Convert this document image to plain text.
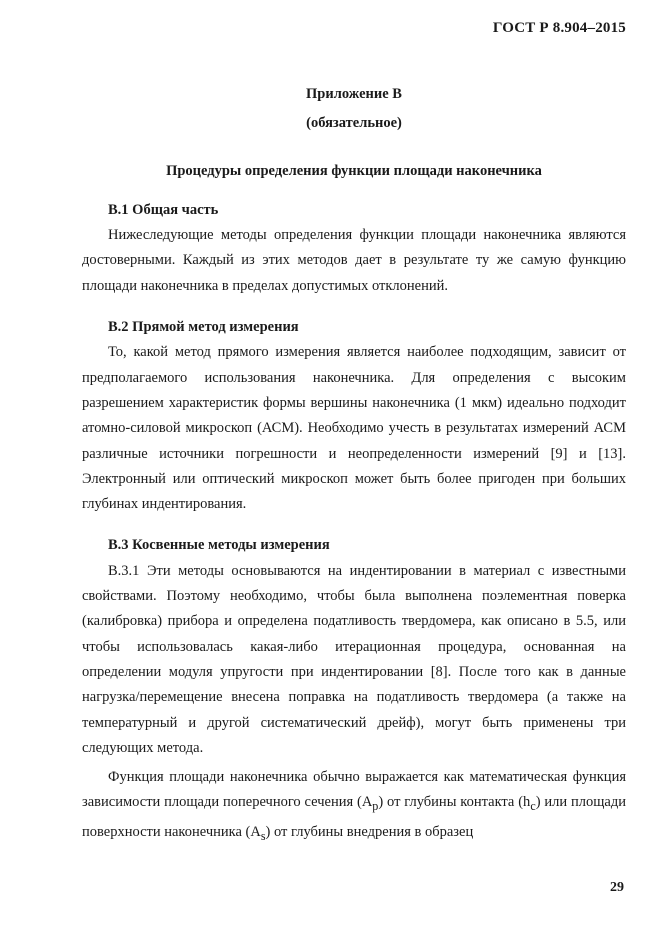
ГОСТ Р 8.904–2015

Приложение В

(обязательное)

Процедуры определения функции площади наконечника

В.1 Общая часть

Нижеследующие методы определения функции площади наконечника являются достоверными. Каждый из этих методов дает в результате ту же самую функцию площади наконечника в пределах допустимых отклонений.

В.2 Прямой метод измерения

То, какой метод прямого измерения является наиболее подходящим, зависит от предполагаемого использования наконечника. Для определения с высоким разрешением характеристик формы вершины наконечника (1 мкм) идеально подходит атомно-силовой микроскоп (АСМ). Необходимо учесть в результатах измерений АСМ различные источники погрешности и неопределенности измерений [9] и [13]. Электронный или оптический микроскоп может быть более пригоден при больших глубинах индентирования.

В.3 Косвенные методы измерения

В.3.1 Эти методы основываются на индентировании в материал с известными свойствами. Поэтому необходимо, чтобы была выполнена поэлементная поверка (калибровка) прибора и определена податливость твердомера, как описано в 5.5, или чтобы использовалась какая-либо итерационная процедура, основанная на определении модуля упругости при индентировании [8]. После того как в данные нагрузка/перемещение внесена поправка на податливость твердомера (а также на температурный и другой систематический дрейф), могут быть применены три следующих метода.

Функция площади наконечника обычно выражается как математическая функция зависимости площади поперечного сечения $(A_p)$ от глубины контакта $(h_c)$ или площади поверхности наконечника $(A_s)$ от глубины внедрения в образец

29
